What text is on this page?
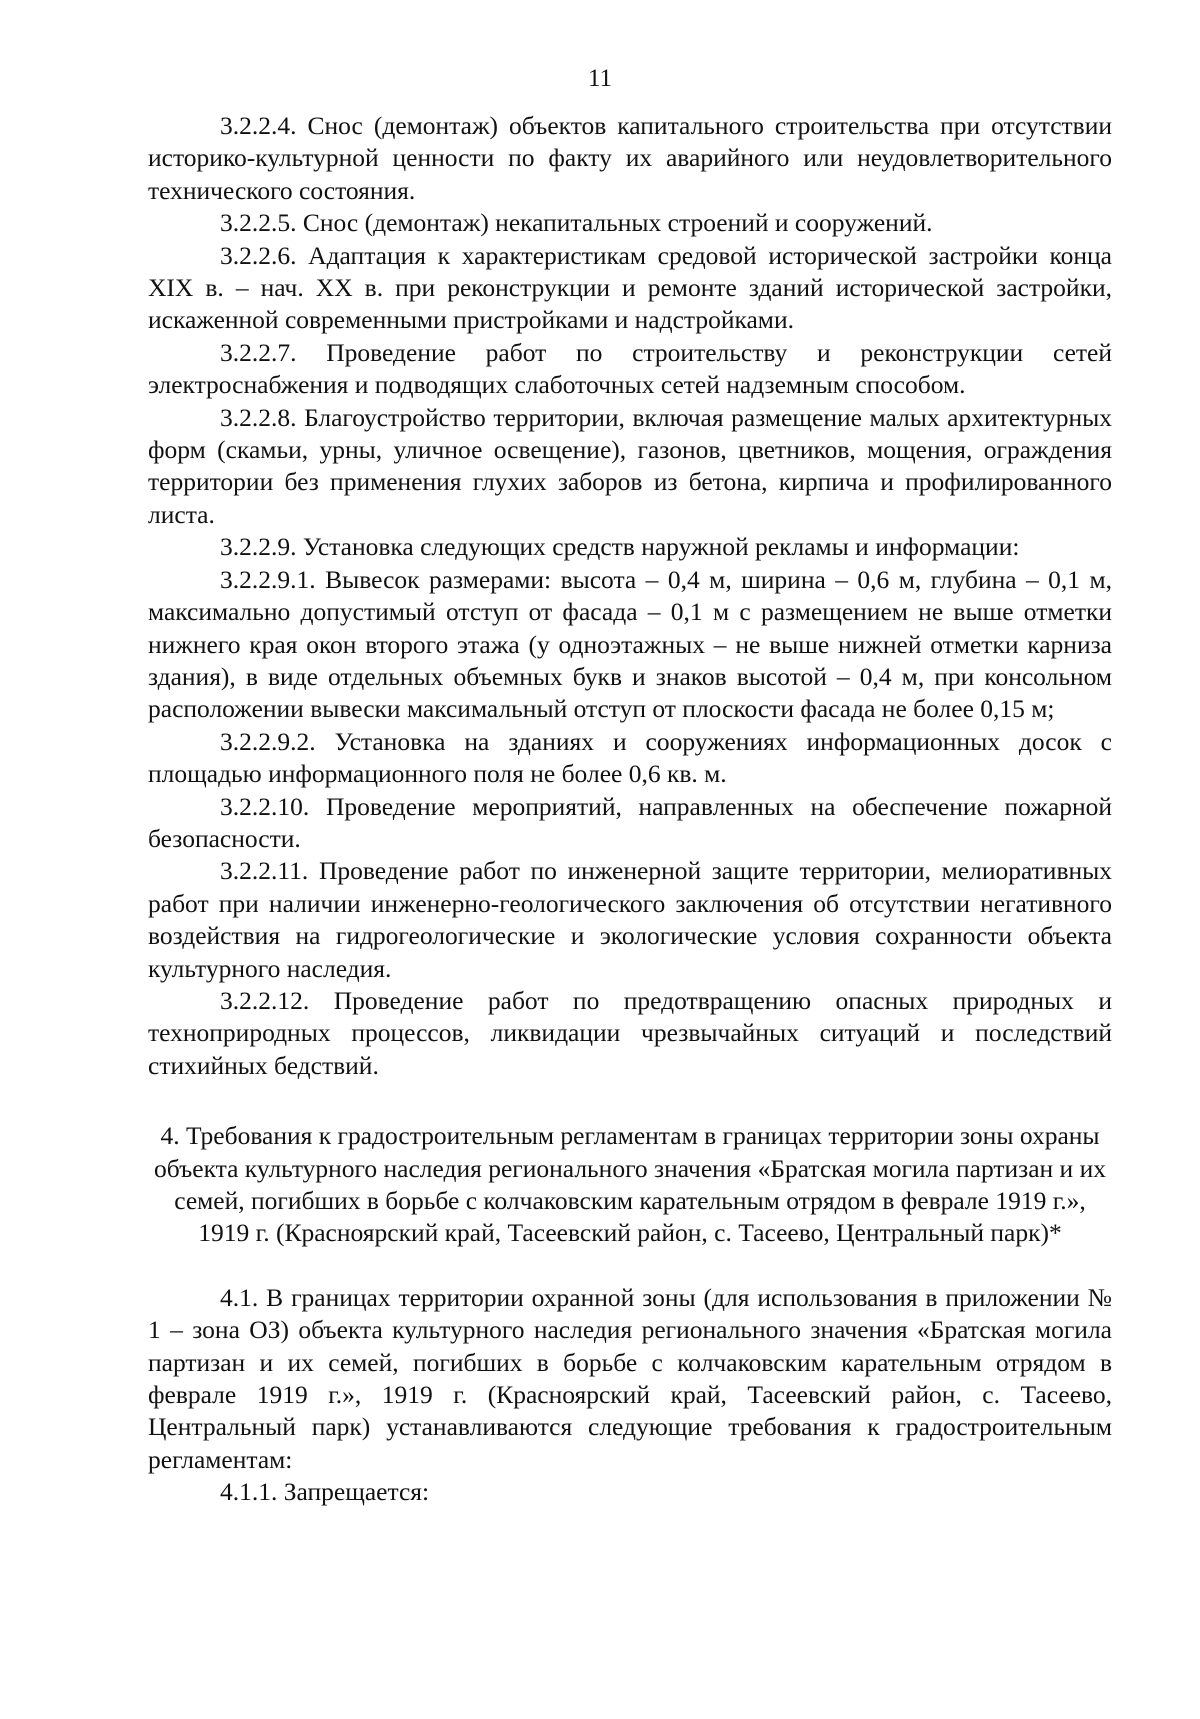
11

3.2.2.4. Снос (демонтаж) объектов капитального строительства при отсутствии историко-культурной ценности по факту их аварийного или неудовлетворительного технического состояния.

3.2.2.5. Снос (демонтаж) некапитальных строений и сооружений.

3.2.2.6. Адаптация к характеристикам средовой исторической застройки конца XIX в. – нач. XX в. при реконструкции и ремонте зданий исторической застройки, искаженной современными пристройками и надстройками.

3.2.2.7. Проведение работ по строительству и реконструкции сетей электроснабжения и подводящих слаботочных сетей надземным способом.

3.2.2.8. Благоустройство территории, включая размещение малых архитектурных форм (скамьи, урны, уличное освещение), газонов, цветников, мощения, ограждения территории без применения глухих заборов из бетона, кирпича и профилированного листа.

3.2.2.9. Установка следующих средств наружной рекламы и информации:

3.2.2.9.1. Вывесок размерами: высота – 0,4 м, ширина – 0,6 м, глубина – 0,1 м, максимально допустимый отступ от фасада – 0,1 м с размещением не выше отметки нижнего края окон второго этажа (у одноэтажных – не выше нижней отметки карниза здания), в виде отдельных объемных букв и знаков высотой – 0,4 м, при консольном расположении вывески максимальный отступ от плоскости фасада не более 0,15 м;

3.2.2.9.2. Установка на зданиях и сооружениях информационных досок с площадью информационного поля не более 0,6 кв. м.

3.2.2.10. Проведение мероприятий, направленных на обеспечение пожарной безопасности.

3.2.2.11. Проведение работ по инженерной защите территории, мелиоративных работ при наличии инженерно-геологического заключения об отсутствии негативного воздействия на гидрогеологические и экологические условия сохранности объекта культурного наследия.

3.2.2.12. Проведение работ по предотвращению опасных природных и техноприродных процессов, ликвидации чрезвычайных ситуаций и последствий стихийных бедствий.

4. Требования к градостроительным регламентам в границах территории зоны охраны объекта культурного наследия регионального значения «Братская могила партизан и их семей, погибших в борьбе с колчаковским карательным отрядом в феврале 1919 г.», 1919 г. (Красноярский край, Тасеевский район, с. Тасеево, Центральный парк)*

4.1. В границах территории охранной зоны (для использования в приложении № 1 – зона ОЗ) объекта культурного наследия регионального значения «Братская могила партизан и их семей, погибших в борьбе с колчаковским карательным отрядом в феврале 1919 г.», 1919 г. (Красноярский край, Тасеевский район, с. Тасеево, Центральный парк) устанавливаются следующие требования к градостроительным регламентам:

4.1.1. Запрещается:
